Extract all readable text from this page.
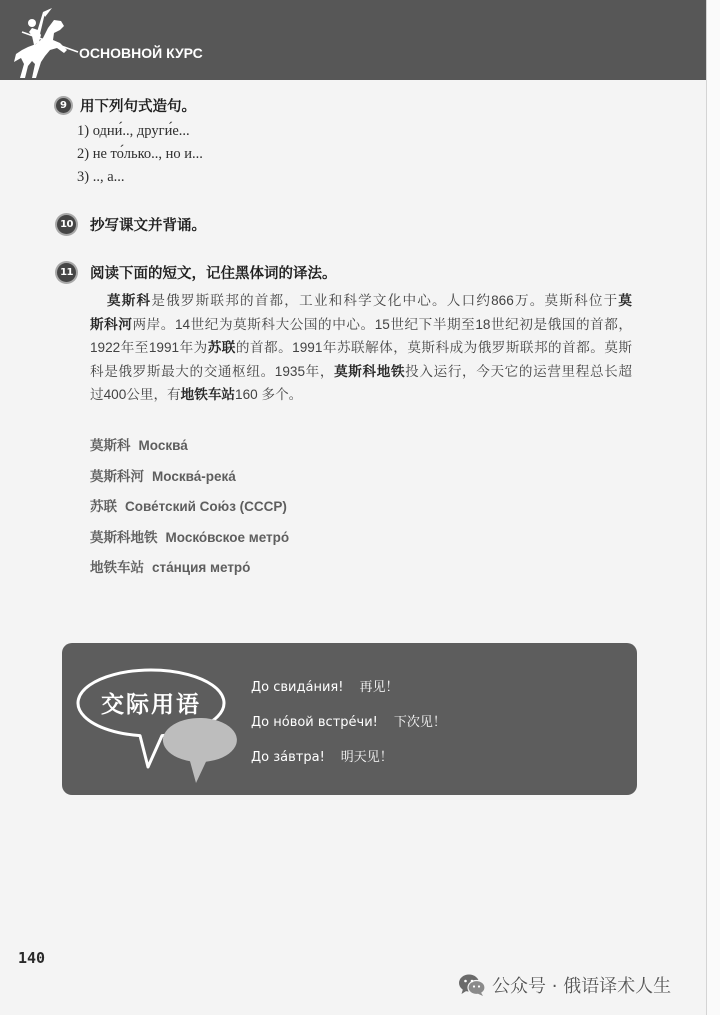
ОСНОВНОЙ КУРС
9 用下列句式造句。
1) одни́.., други́е...
2) не то́лько.., но и...
3) .., а...
10 抄写课文并背诵。
11 阅读下面的短文，记住黑体词的译法。
莫斯科是俄罗斯联邦的首都，工业和科学文化中心。人口约866万。莫斯科位于莫
斯科河两岸。14世纪为莫斯科大公国的中心。15世纪下半期至18世纪初是俄国的首都，
1922年至1991年为苏联的首都。1991年苏联解体，莫斯科成为俄罗斯联邦的首都。莫斯
科是俄罗斯最大的交通枢纽。1935年，莫斯科地铁投入运行，今天它的运营里程总长超
过400公里，有地铁车站160 多个。
莫斯科 Москва́
莫斯科河 Москва́-река́
苏联 Сове́тский Сою́з (СССР)
莫斯科地铁 Моско́вское метро́
地铁车站 ста́нция метро́
交际用语
До свида́ния! 再见！
До но́вой встре́чи! 下次见！
До за́втра! 明天见！
140
公众号 · 俄语译术人生
